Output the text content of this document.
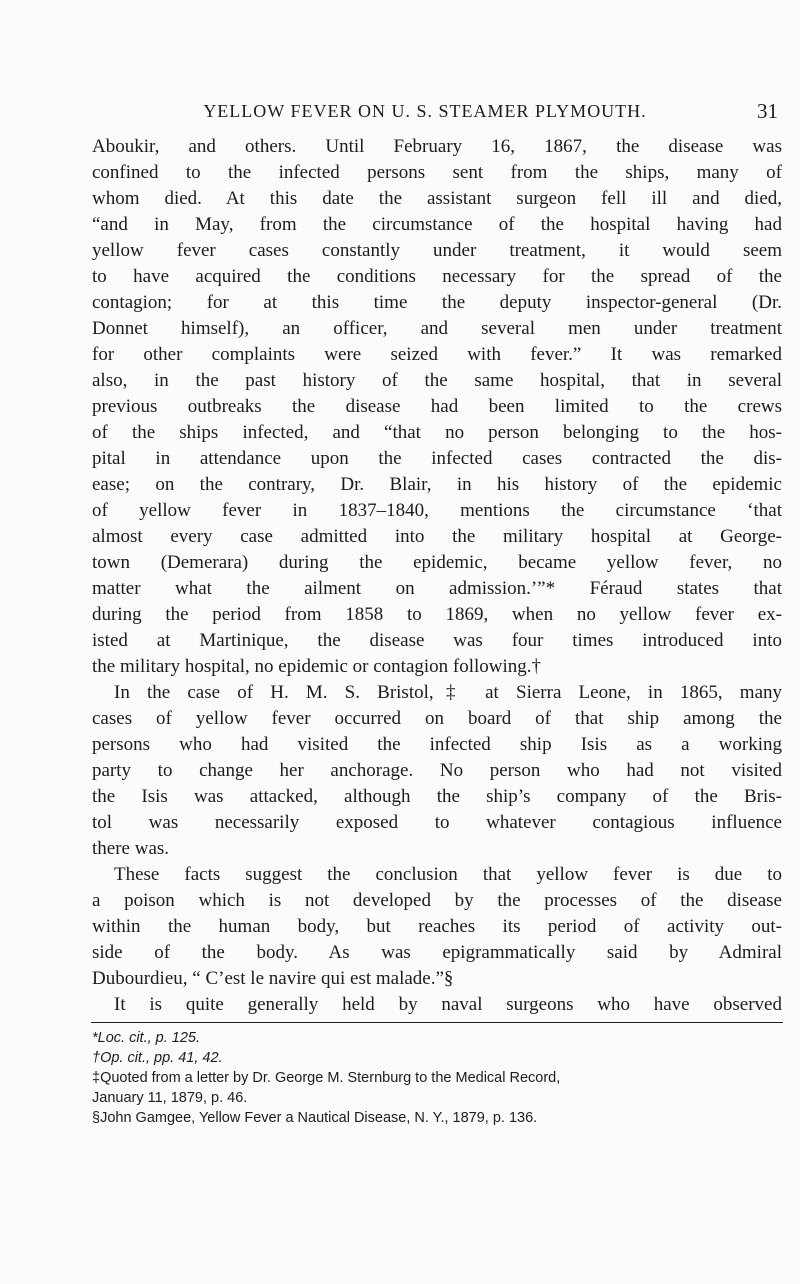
YELLOW FEVER ON U. S. STEAMER PLYMOUTH.	31
Aboukir, and others. Until February 16, 1867, the disease was
confined to the infected persons sent from the ships, many of
whom died. At this date the assistant surgeon fell ill and died,
“and in May, from the circumstance of the hospital having had
yellow fever cases constantly under treatment, it would seem
to have acquired the conditions necessary for the spread of the
contagion; for at this time the deputy inspector-general (Dr.
Donnet himself), an officer, and several men under treatment
for other complaints were seized with fever.” It was remarked
also, in the past history of the same hospital, that in several
previous outbreaks the disease had been limited to the crews
of the ships infected, and “that no person belonging to the hos-
pital in attendance upon the infected cases contracted the dis-
ease; on the contrary, Dr. Blair, in his history of the epidemic
of yellow fever in 1837–1840, mentions the circumstance ‘that
almost every case admitted into the military hospital at George-
town (Demerara) during the epidemic, became yellow fever, no
matter what the ailment on admission.’”* Féraud states that
during the period from 1858 to 1869, when no yellow fever ex-
isted at Martinique, the disease was four times introduced into
the military hospital, no epidemic or contagion following.†
In the case of H. M. S. Bristol,‡ at Sierra Leone, in 1865, many
cases of yellow fever occurred on board of that ship among the
persons who had visited the infected ship Isis as a working
party to change her anchorage. No person who had not visited
the Isis was attacked, although the ship’s company of the Bris-
tol was necessarily exposed to whatever contagious influence
there was.
These facts suggest the conclusion that yellow fever is due to
a poison which is not developed by the processes of the disease
within the human body, but reaches its period of activity out-
side of the body. As was epigrammatically said by Admiral
Dubourdieu, “ C’est le navire qui est malade.”§
It is quite generally held by naval surgeons who have observed
*Loc. cit., p. 125.
†Op. cit., pp. 41, 42.
‡Quoted from a letter by Dr. George M. Sternburg to the Medical Record,
January 11, 1879, p. 46.
§John Gamgee, Yellow Fever a Nautical Disease, N. Y., 1879, p. 136.
